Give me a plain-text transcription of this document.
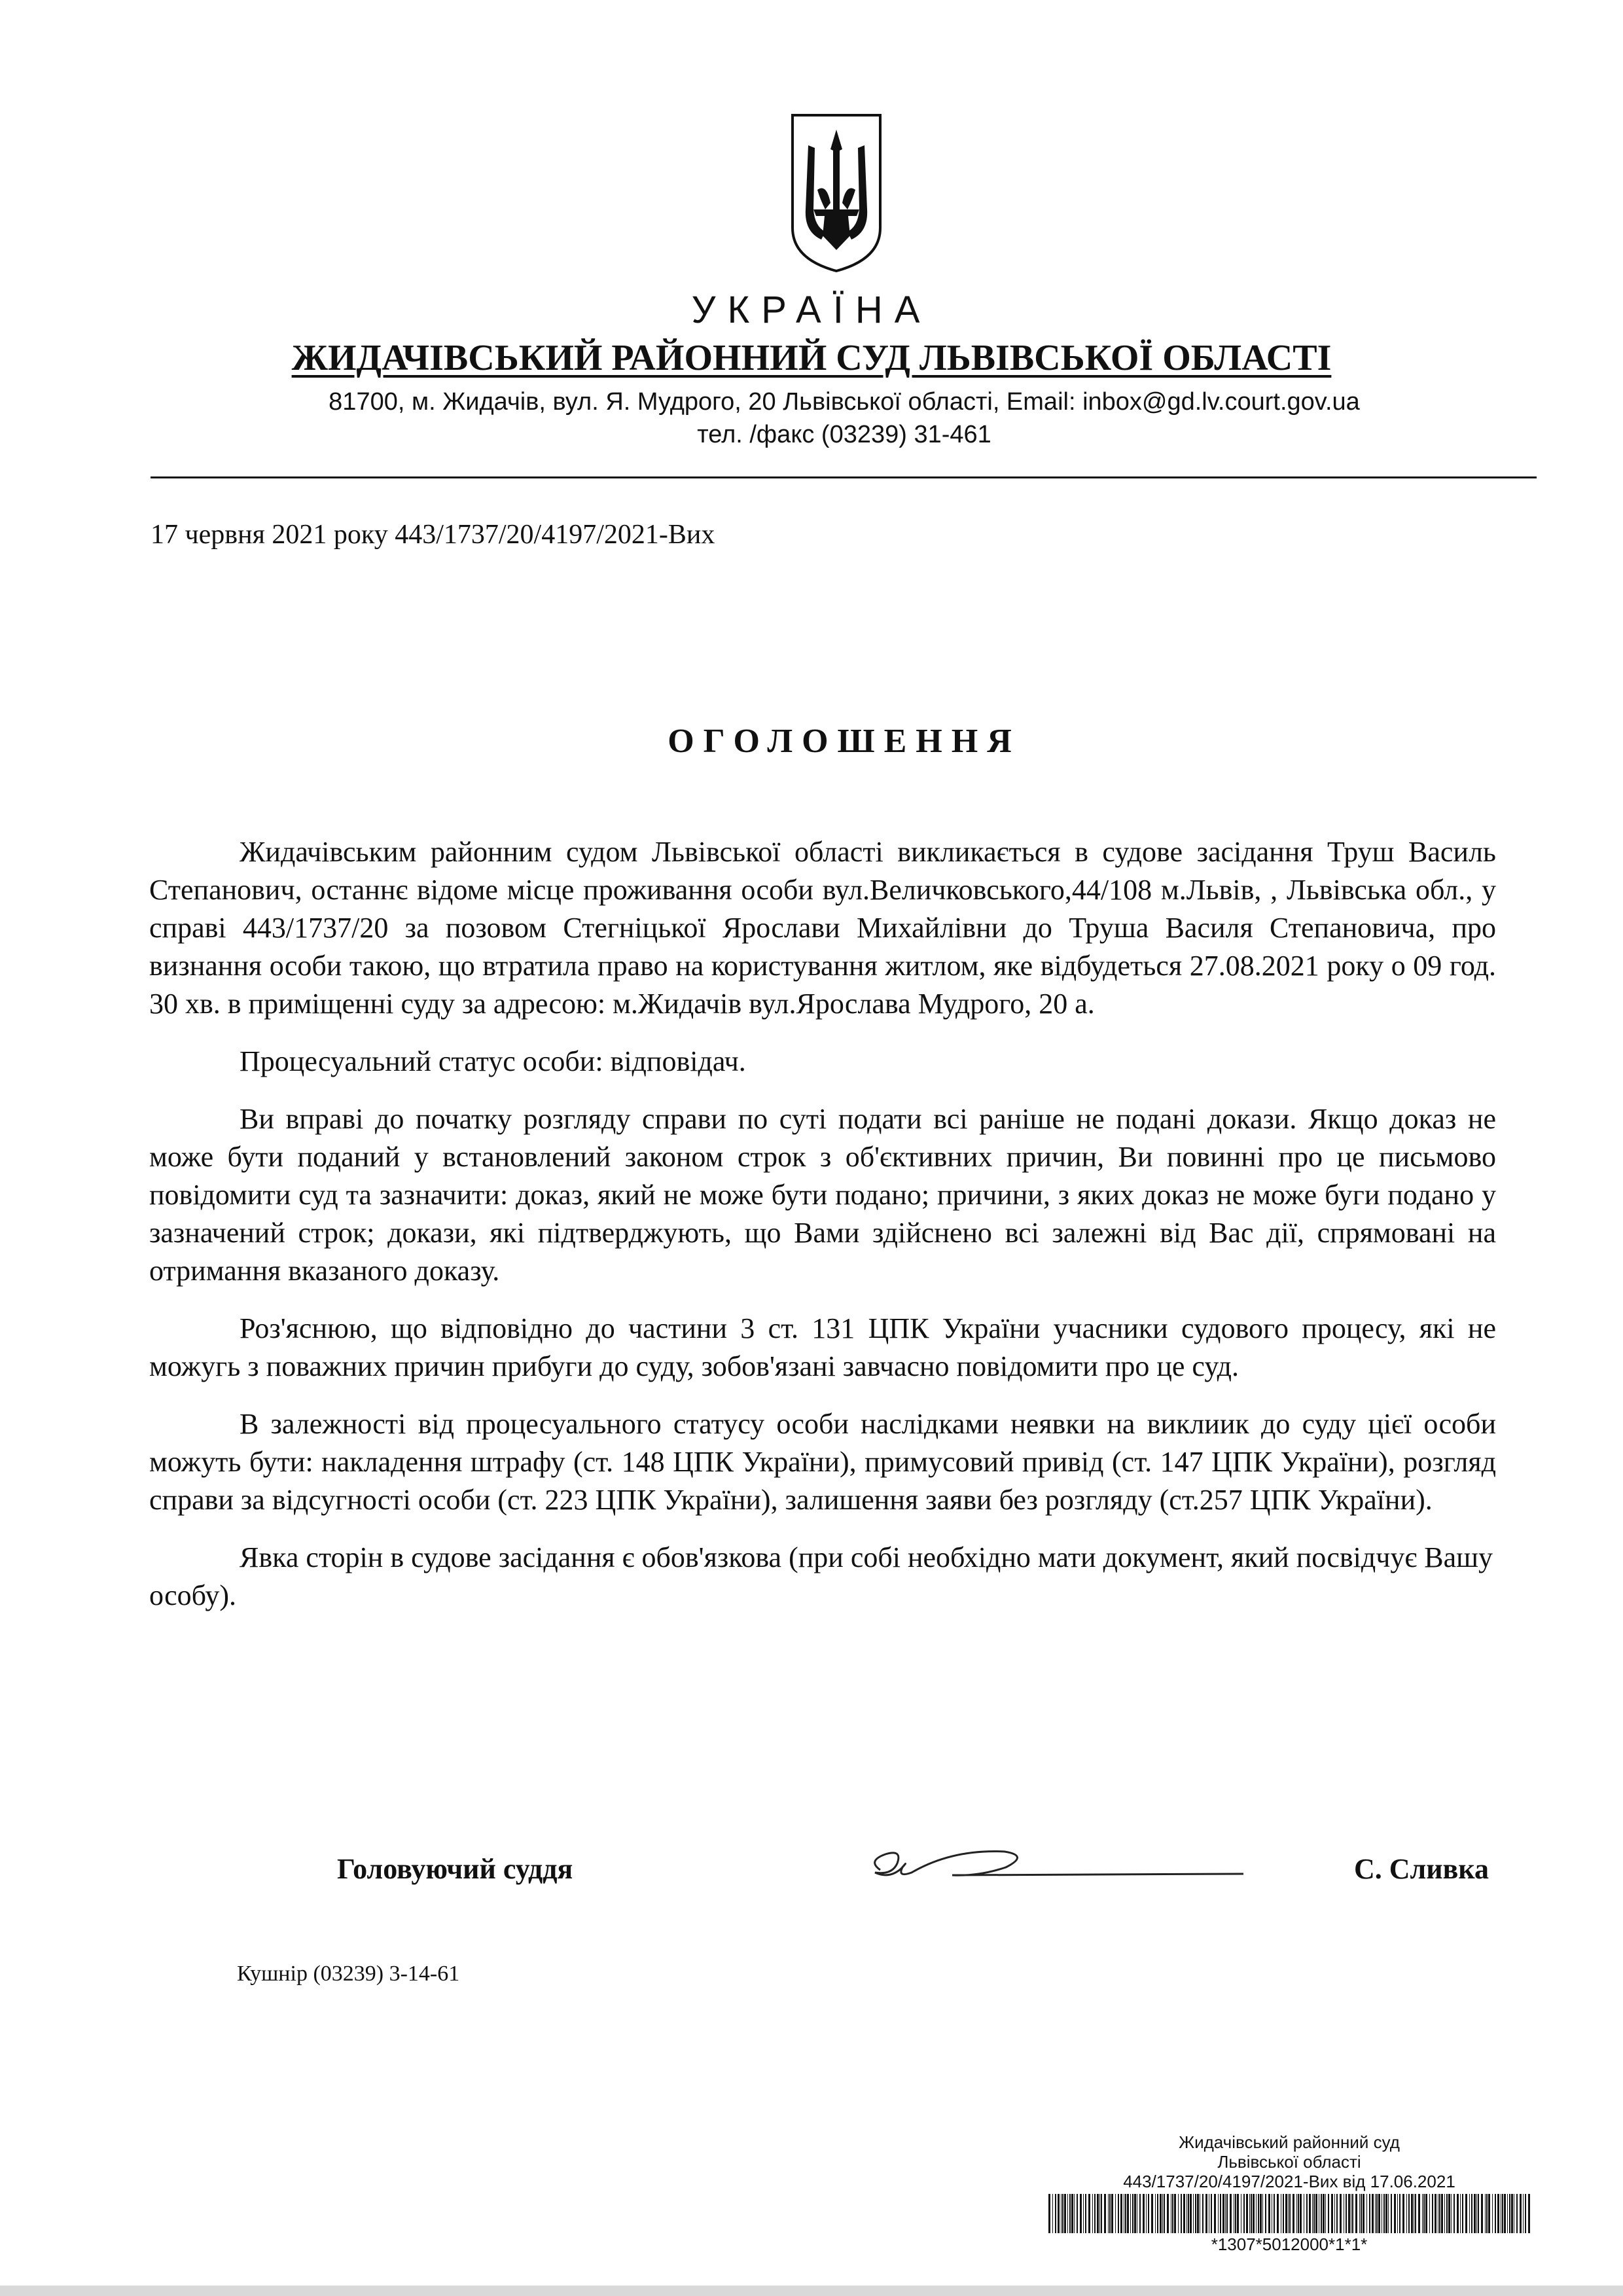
УКРАЇНА
ЖИДАЧІВСЬКИЙ РАЙОННИЙ СУД ЛЬВІВСЬКОЇ ОБЛАСТІ
81700, м. Жидачів, вул. Я. Мудрого, 20 Львівської області, Email: inbox@gd.lv.court.gov.ua
тел. /факс (03239) 31-461
17 червня 2021 року 443/1737/20/4197/2021-Вих
ОГОЛОШЕННЯ

Жидачівським районним судом Львівської області викликається в судове засідання Труш Василь Степанович, останнє відоме місце проживання особи вул.Величковського,44/108 м.Львів, , Львівська обл., у справі 443/1737/20 за позовом Стегніцької Ярослави Михайлівни до Труша Василя Степановича, про визнання особи такою, що втратила право на користування житлом, яке відбудеться 27.08.2021 року о 09 год. 30 хв. в приміщенні суду за адресою: м.Жидачів вул.Ярослава Мудрого, 20 а.

Процесуальний статус особи: відповідач.

Ви вправі до початку розгляду справи по суті подати всі раніше не подані докази. Якщо доказ не може бути поданий у встановлений законом строк з об'єктивних причин, Ви повинні про це письмово повідомити суд та зазначити: доказ, який не може бути подано; причини, з яких доказ не може буги подано у зазначений строк; докази, які підтверджують, що Вами здійснено всі залежні від Вас дії, спрямовані на отримання вказаного доказу.

Роз'яснюю, що відповідно до частини 3 ст. 131 ЦПК України учасники судового процесу, які не можугь з поважних причин прибуги до суду, зобов'язані завчасно повідомити про це суд.

В залежності від процесуального статусу особи наслідками неявки на виклиик до суду цієї особи можуть бути: накладення штрафу (ст. 148 ЦПК України), примусовий привід (ст. 147 ЦПК України), розгляд справи за відсугності особи (ст. 223 ЦПК України), залишення заяви без розгляду (ст.257 ЦПК України).

Явка сторін в судове засідання є обов'язкова (при собі необхідно мати документ, який посвідчує Вашу особу).

Головуючий суддя	С. Сливка
Кушнір (03239) 3-14-61
Жидачівський районний суд
Львівської області
443/1737/20/4197/2021-Вих від 17.06.2021
*1307*5012000*1*1*
